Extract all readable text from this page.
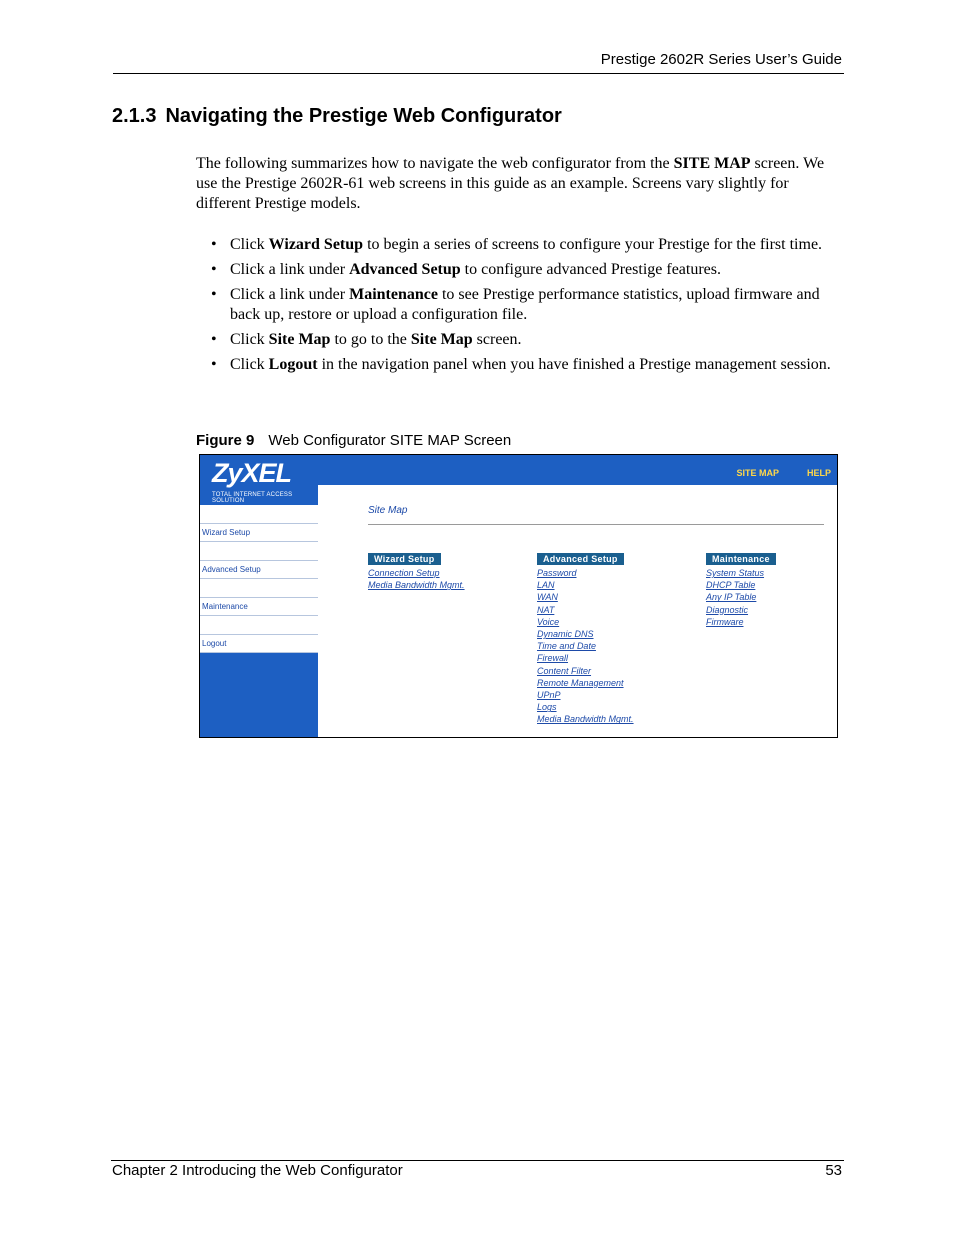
Prestige 2602R Series User’s Guide
2.1.3 Navigating the Prestige Web Configurator

The following summarizes how to navigate the web configurator from the SITE MAP screen. We use the Prestige 2602R-61 web screens in this guide as an example. Screens vary slightly for different Prestige models.

• Click Wizard Setup to begin a series of screens to configure your Prestige for the first time.
• Click a link under Advanced Setup to configure advanced Prestige features.
• Click a link under Maintenance to see Prestige performance statistics, upload firmware and back up, restore or upload a configuration file.
• Click Site Map to go to the Site Map screen.
• Click Logout in the navigation panel when you have finished a Prestige management session.
Figure 9 Web Configurator SITE MAP Screen
ZyXEL
TOTAL INTERNET ACCESS SOLUTION
Wizard Setup
Advanced Setup
Maintenance
Logout
SITE MAP	HELP
Site Map
Wizard Setup
Connection Setup
Media Bandwidth Mgmt.
Advanced Setup
Password
LAN
WAN
NAT
Voice
Dynamic DNS
Time and Date
Firewall
Content Filter
Remote Management
UPnP
Logs
Media Bandwidth Mgmt.
Maintenance
System Status
DHCP Table
Any IP Table
Diagnostic
Firmware
Chapter 2 Introducing the Web Configurator	53
